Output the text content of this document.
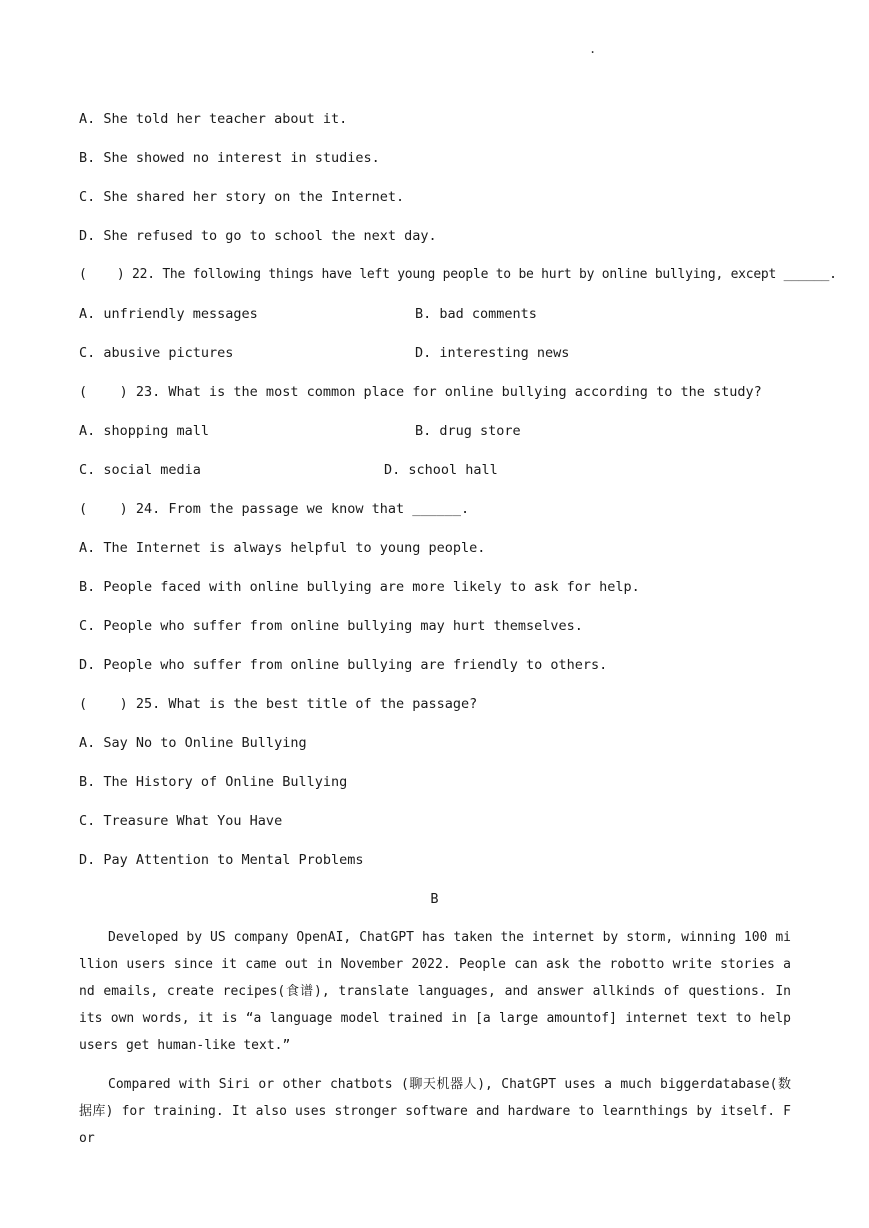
.
A. She told her teacher about it.
B. She showed no interest in studies.
C. She shared her story on the Internet.
D. She refused to go to school the next day.
(    ) 22. The following things have left young people to be hurt by online bullying, except ______.
A. unfriendly messages	B. bad comments
C. abusive pictures	D. interesting news
(    ) 23. What is the most common place for online bullying according to the study?
A. shopping mall	B. drug store
C. social media	D. school hall
(    ) 24. From the passage we know that ______.
A. The Internet is always helpful to young people.
B. People faced with online bullying are more likely to ask for help.
C. People who suffer from online bullying may hurt themselves.
D. People who suffer from online bullying are friendly to others.
(    ) 25. What is the best title of the passage?
A. Say No to Online Bullying
B. The History of Online Bullying
C. Treasure What You Have
D. Pay Attention to Mental Problems
B
Developed by US company OpenAI, ChatGPT has taken the internet by storm, winning 100 million users since it came out in November 2022. People can ask the robotto write stories and emails, create recipes(食谱), translate languages, and answer allkinds of questions. In its own words, it is “a language model trained in [a large amountof] internet text to help users get human-like text.”
Compared with Siri or other chatbots (聊天机器人), ChatGPT uses a much biggerdatabase(数据库) for training. It also uses stronger software and hardware to learnthings by itself. For
